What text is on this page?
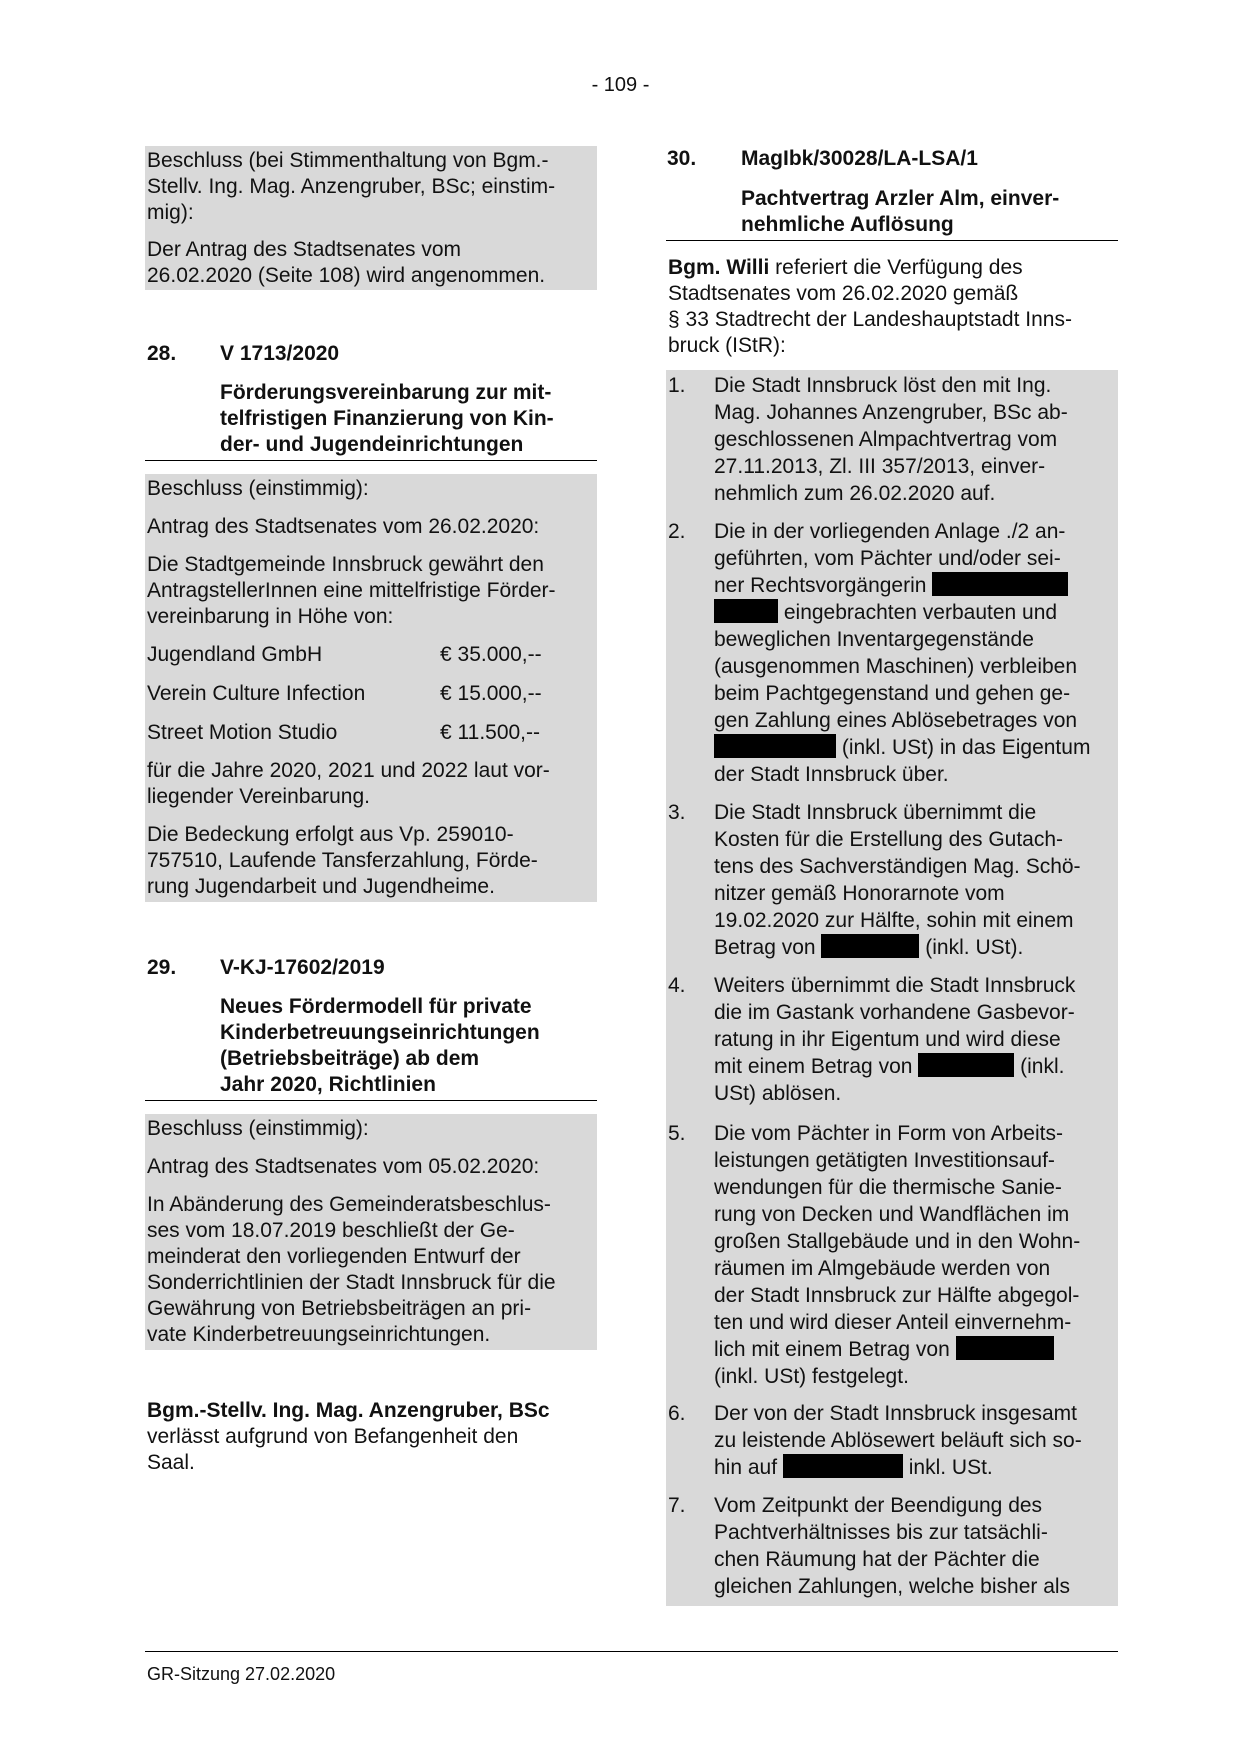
- 109 -
Beschluss (bei Stimmenthaltung von Bgm.-
Stellv. Ing. Mag. Anzengruber, BSc; einstim-
mig):
Der Antrag des Stadtsenates vom
26.02.2020 (Seite 108) wird angenommen.
28. V 1713/2020
Förderungsvereinbarung zur mit-
telfristigen Finanzierung von Kin-
der- und Jugendeinrichtungen
Beschluss (einstimmig):
Antrag des Stadtsenates vom 26.02.2020:
Die Stadtgemeinde Innsbruck gewährt den
AntragstellerInnen eine mittelfristige Förder-
vereinbarung in Höhe von:
Jugendland GmbH	€ 35.000,--
Verein Culture Infection	€ 15.000,--
Street Motion Studio	€ 11.500,--
für die Jahre 2020, 2021 und 2022 laut vor-
liegender Vereinbarung.
Die Bedeckung erfolgt aus Vp. 259010-
757510, Laufende Tansferzahlung, Förde-
rung Jugendarbeit und Jugendheime.
29. V-KJ-17602/2019
Neues Fördermodell für private
Kinderbetreuungseinrichtungen
(Betriebsbeiträge) ab dem
Jahr 2020, Richtlinien
Beschluss (einstimmig):
Antrag des Stadtsenates vom 05.02.2020:
In Abänderung des Gemeinderatsbeschlus-
ses vom 18.07.2019 beschließt der Ge-
meinderat den vorliegenden Entwurf der
Sonderrichtlinien der Stadt Innsbruck für die
Gewährung von Betriebsbeiträgen an pri-
vate Kinderbetreuungseinrichtungen.
Bgm.-Stellv. Ing. Mag. Anzengruber, BSc
verlässt aufgrund von Befangenheit den
Saal.
30. MagIbk/30028/LA-LSA/1
Pachtvertrag Arzler Alm, einver-
nehmliche Auflösung
Bgm. Willi referiert die Verfügung des
Stadtsenates vom 26.02.2020 gemäß
§ 33 Stadtrecht der Landeshauptstadt Inns-
bruck (IStR):
1. Die Stadt Innsbruck löst den mit Ing.
Mag. Johannes Anzengruber, BSc ab-
geschlossenen Almpachtvertrag vom
27.11.2013, Zl. III 357/2013, einver-
nehmlich zum 26.02.2020 auf.
2. Die in der vorliegenden Anlage ./2 an-
geführten, vom Pächter und/oder sei-
ner Rechtsvorgängerin
eingebrachten verbauten und
beweglichen Inventargegenstände
(ausgenommen Maschinen) verbleiben
beim Pachtgegenstand und gehen ge-
gen Zahlung eines Ablösebetrages von
(inkl. USt) in das Eigentum
der Stadt Innsbruck über.
3. Die Stadt Innsbruck übernimmt die
Kosten für die Erstellung des Gutach-
tens des Sachverständigen Mag. Schö-
nitzer gemäß Honorarnote vom
19.02.2020 zur Hälfte, sohin mit einem
Betrag von	(inkl. USt).
4. Weiters übernimmt die Stadt Innsbruck
die im Gastank vorhandene Gasbevor-
ratung in ihr Eigentum und wird diese
mit einem Betrag von	(inkl.
USt) ablösen.
5. Die vom Pächter in Form von Arbeits-
leistungen getätigten Investitionsauf-
wendungen für die thermische Sanie-
rung von Decken und Wandflächen im
großen Stallgebäude und in den Wohn-
räumen im Almgebäude werden von
der Stadt Innsbruck zur Hälfte abgegol-
ten und wird dieser Anteil einvernehm-
lich mit einem Betrag von
(inkl. USt) festgelegt.
6. Der von der Stadt Innsbruck insgesamt
zu leistende Ablösewert beläuft sich so-
hin auf	inkl. USt.
7. Vom Zeitpunkt der Beendigung des
Pachtverhältnisses bis zur tatsächli-
chen Räumung hat der Pächter die
gleichen Zahlungen, welche bisher als
GR-Sitzung 27.02.2020
